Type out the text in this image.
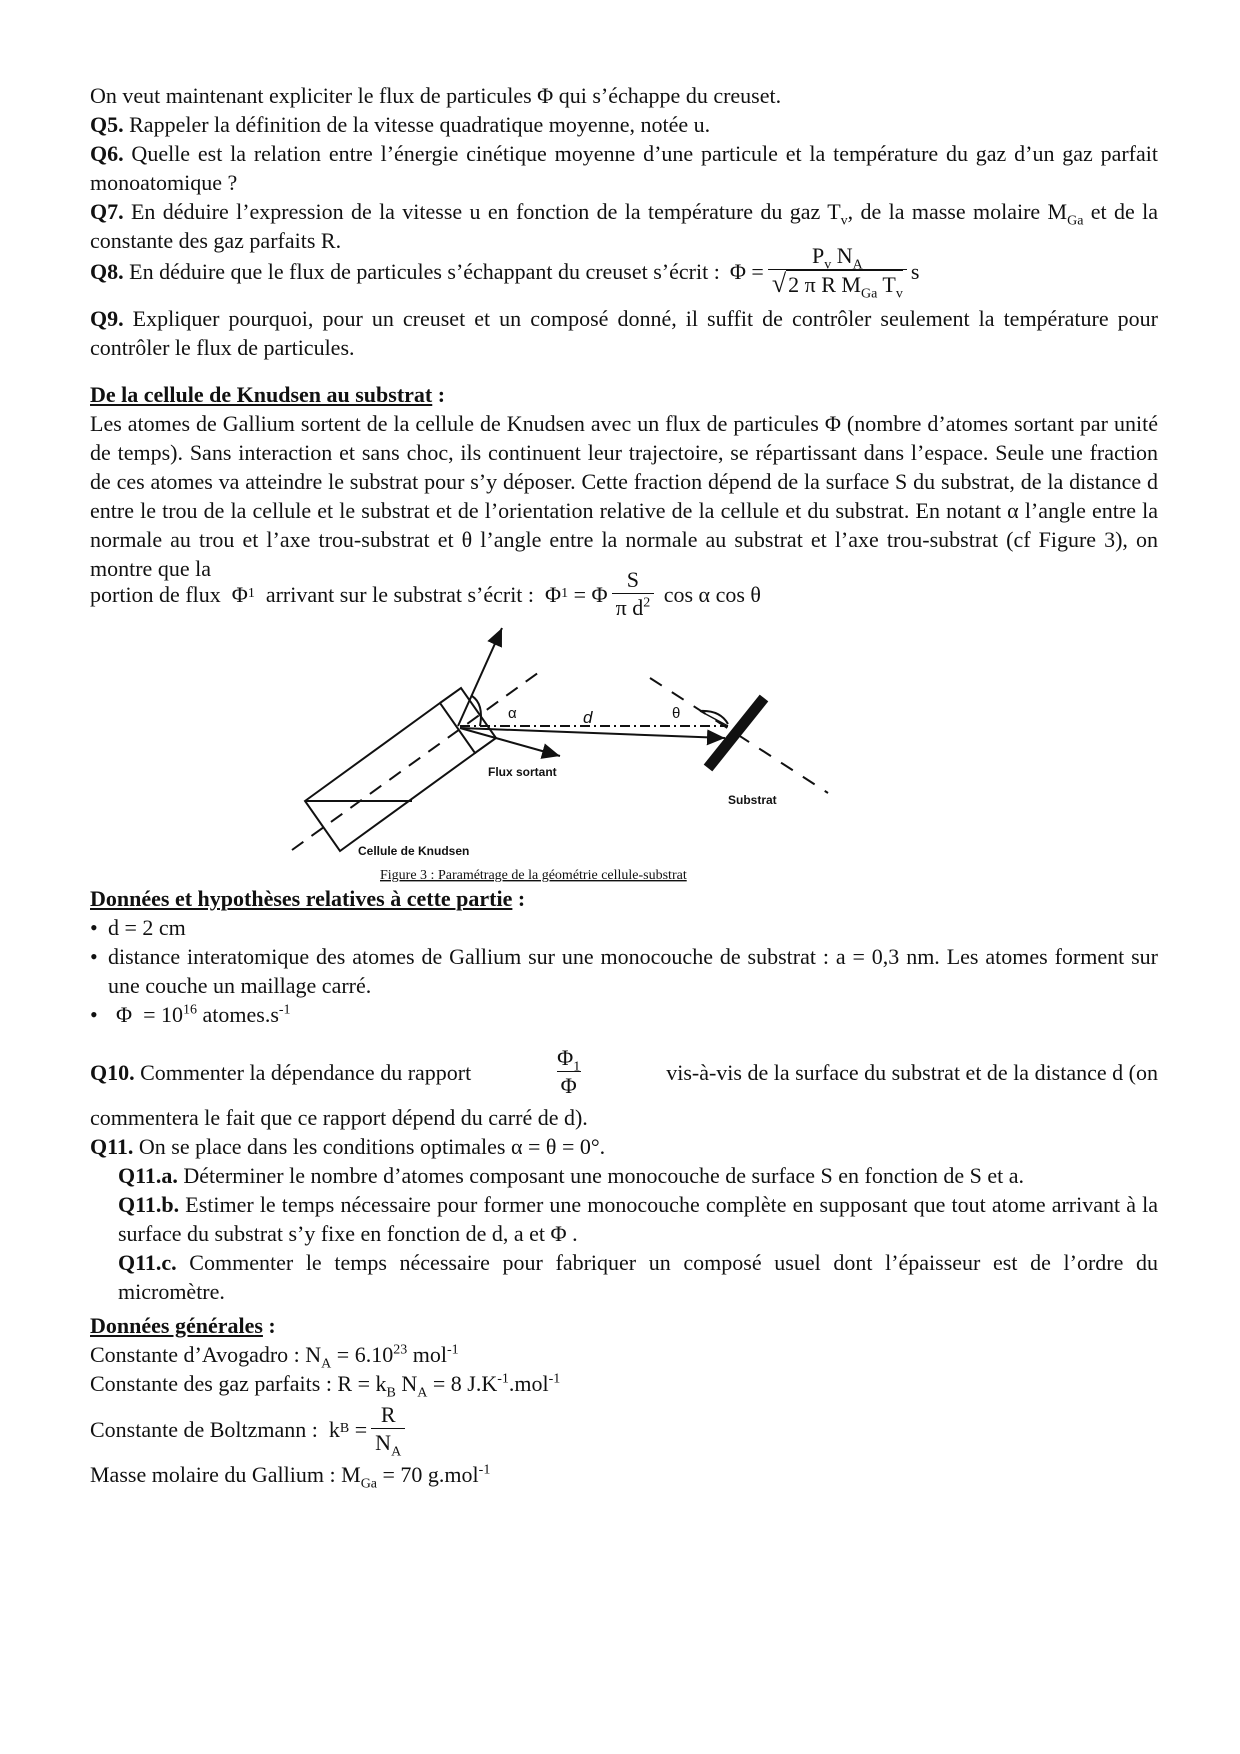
On veut maintenant expliciter le flux de particules Φ qui s’échappe du creuset.
Q5. Rappeler la définition de la vitesse quadratique moyenne, notée u.
Q6. Quelle est la relation entre l’énergie cinétique moyenne d’une particule et la température du gaz d’un gaz parfait monoatomique ?
Q7. En déduire l’expression de la vitesse u en fonction de la température du gaz $T_v$, de la masse molaire $M_{Ga}$ et de la constante des gaz parfaits R.
Q8. En déduire que le flux de particules s’échappant du creuset s’écrit : $\Phi = \frac{P_v N_A}{√2 \pi R M_{Ga} T_v}$ s
Q9. Expliquer pourquoi, pour un creuset et un composé donné, il suffit de contrôler seulement la température pour contrôler le flux de particules.
De la cellule de Knudsen au substrat :
Les atomes de Gallium sortent de la cellule de Knudsen avec un flux de particules Φ (nombre d’atomes sortant par unité de temps). Sans interaction et sans choc, ils continuent leur trajectoire, se répartissant dans l’espace. Seule une fraction de ces atomes va atteindre le substrat pour s’y déposer. Cette fraction dépend de la surface S du substrat, de la distance d entre le trou de la cellule et le substrat et de l’orientation relative de la cellule et du substrat. En notant α l’angle entre la normale au trou et l’axe trou-substrat et θ l’angle entre la normale au substrat et l’axe trou-substrat (cf Figure 3), on montre que la
portion de flux  Φ 1 arrivant sur le substrat s’écrit :  Φ 1 = Φ $\frac{S}{\pi d^2}$ cos α cos θ
α	d	θ
Flux sortant
Substrat
Cellule de Knudsen
Figure 3 : Paramétrage de la géométrie cellule-substrat
Données et hypothèses relatives à cette partie :
• d = 2 cm
• distance interatomique des atomes de Gallium sur une monocouche de substrat : a = 0,3 nm. Les atomes forment sur une couche un maillage carré.
• $\Phi = 10^{16}$ $atomes.s^{-1}$
Q10. Commenter la dépendance du rapport	$\frac{\Phi_1}{\Phi}$	vis-à-vis de la surface du substrat et de la distance d (on
commentera le fait que ce rapport dépend du carré de d).
Q11. On se place dans les conditions optimales α = θ = 0°.
Q11.a. Déterminer le nombre d’atomes composant une monocouche de surface S en fonction de S et a.
Q11.b. Estimer le temps nécessaire pour former une monocouche complète en supposant que tout atome arrivant à la surface du substrat s’y fixe en fonction de d, a et Φ .
Q11.c. Commenter le temps nécessaire pour fabriquer un composé usuel dont l’épaisseur est de l’ordre du micromètre.
Données générales :
Constante d’Avogadro : $N_A = 6.10^{23}$ mol$^{-1}$
Constante des gaz parfaits : $R = k_B$ $N_A = 8$ $J.K^{-1}.mol^{-1}$
Constante de Boltzmann :  k $B = \frac{R}{N_A}$
Masse molaire du Gallium : $M_{Ga} = 70$ g.mol$^{-1}$
